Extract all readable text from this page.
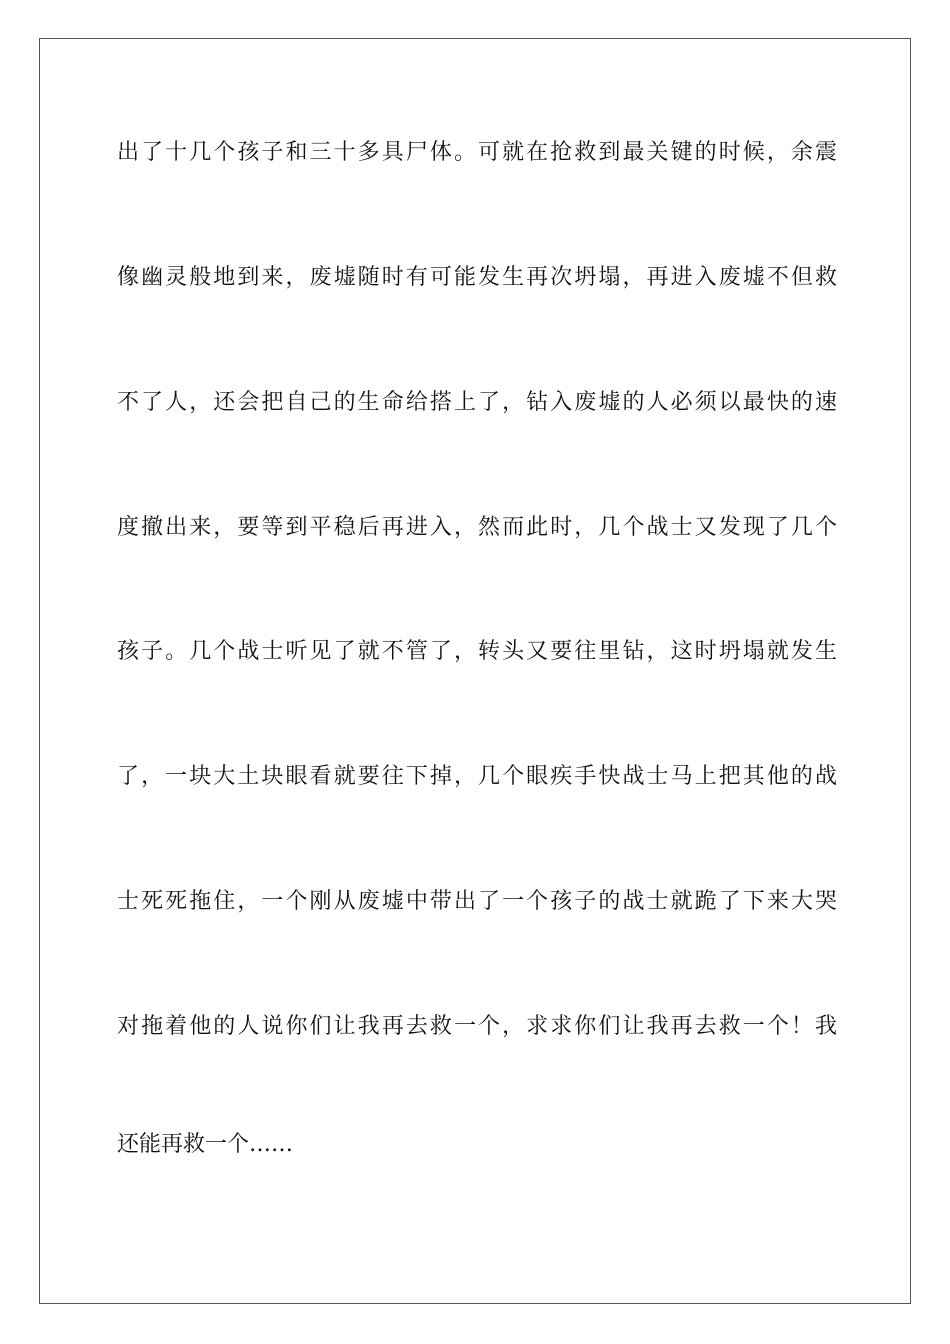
出了十几个孩子和三十多具尸体。可就在抢救到最关键的时候，余震
像幽灵般地到来，废墟随时有可能发生再次坍塌，再进入废墟不但救
不了人，还会把自己的生命给搭上了，钻入废墟的人必须以最快的速
度撤出来，要等到平稳后再进入，然而此时，几个战士又发现了几个
孩子。几个战士听见了就不管了，转头又要往里钻，这时坍塌就发生
了，一块大土块眼看就要往下掉，几个眼疾手快战士马上把其他的战
士死死拖住，一个刚从废墟中带出了一个孩子的战士就跪了下来大哭
对拖着他的人说你们让我再去救一个，求求你们让我再去救一个！我
还能再救一个……
